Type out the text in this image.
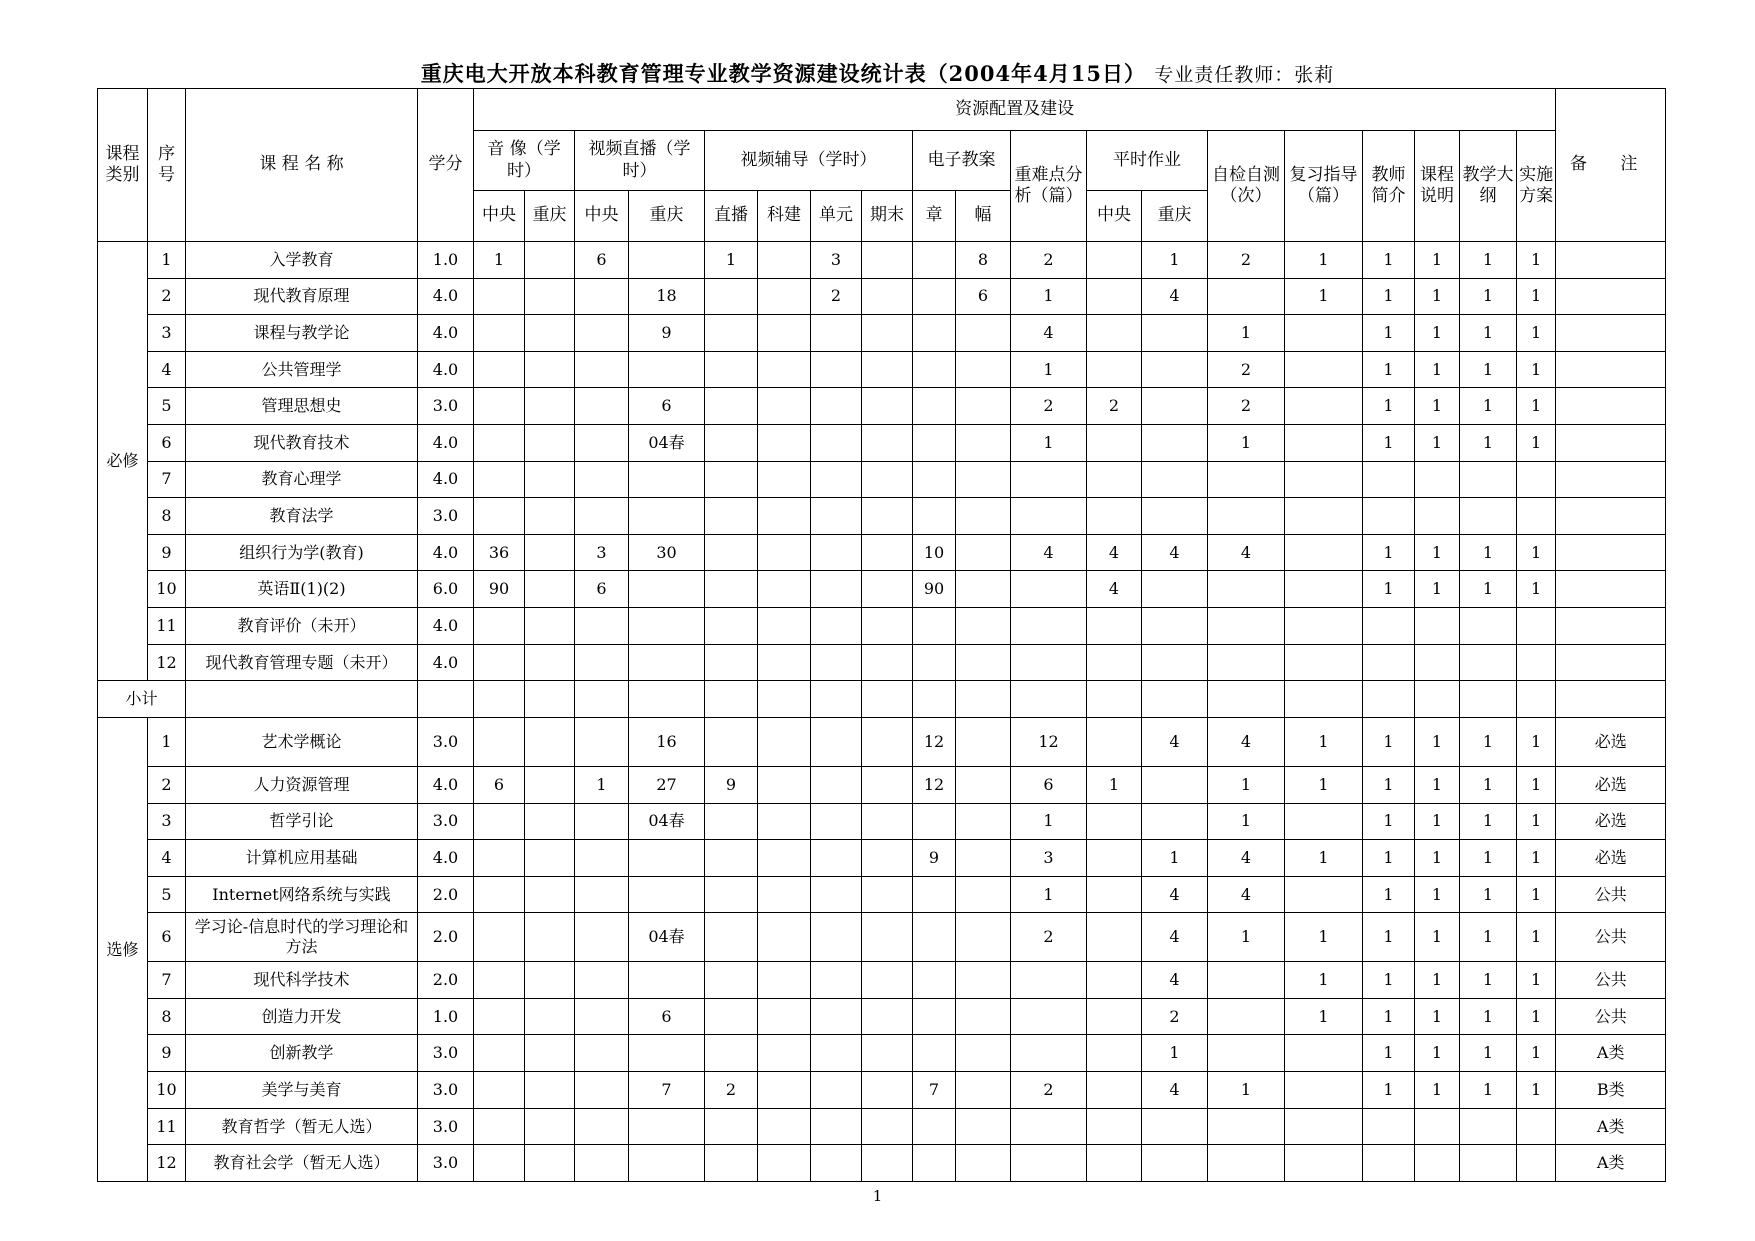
重庆电大开放本科教育管理专业教学资源建设统计表（2004年4月15日） 专业责任教师：张莉
课程类别	序号	课 程 名 称	学分	资源配置及建设																			备 注
				音 像（学时）		视频直播（学时）		视频辅导（学时）				电子教案		重难点分析（篇）	平时作业		自检自测（次）	复习指导（篇）	教师简介	课程说明	教学大纲	实施方案	
				中央	重庆	中央	重庆	直播	科建	单元	期末	章	幅		中央	重庆							
必修	1	入学教育	1.0	1		6		1		3			8	2		1	2	1	1	1	1	1	
	2	现代教育原理	4.0				18			2			6	1		4		1	1	1	1	1	
	3	课程与教学论	4.0				9							4			1		1	1	1	1	
	4	公共管理学	4.0											1			2		1	1	1	1	
	5	管理思想史	3.0				6							2	2		2		1	1	1	1	
	6	现代教育技术	4.0				04春							1			1		1	1	1	1	
	7	教育心理学	4.0																				
	8	教育法学	3.0																				
	9	组织行为学(教育)	4.0	36		3	30					10		4	4	4	4		1	1	1	1	
	10	英语Ⅱ(1)(2)	6.0	90		6						90			4				1	1	1	1	
	11	教育评价（未开）	4.0																				
	12	现代教育管理专题（未开）	4.0																				
小计																							
选修	1	艺术学概论	3.0				16					12		12		4	4	1	1	1	1	1	必选
	2	人力资源管理	4.0	6		1	27	9				12		6	1		1	1	1	1	1	1	必选
	3	哲学引论	3.0				04春							1			1		1	1	1	1	必选
	4	计算机应用基础	4.0									9		3		1	4	1	1	1	1	1	必选
	5	Internet网络系统与实践	2.0											1		4	4		1	1	1	1	公共
	6	学习论-信息时代的学习理论和方法	2.0				04春							2		4	1	1	1	1	1	1	公共
	7	现代科学技术	2.0													4		1	1	1	1	1	公共
	8	创造力开发	1.0				6									2		1	1	1	1	1	公共
	9	创新教学	3.0													1			1	1	1	1	A类
	10	美学与美育	3.0				7	2				7		2		4	1		1	1	1	1	B类
	11	教育哲学（暂无人选）	3.0																				A类
	12	教育社会学（暂无人选）	3.0																				A类
1
